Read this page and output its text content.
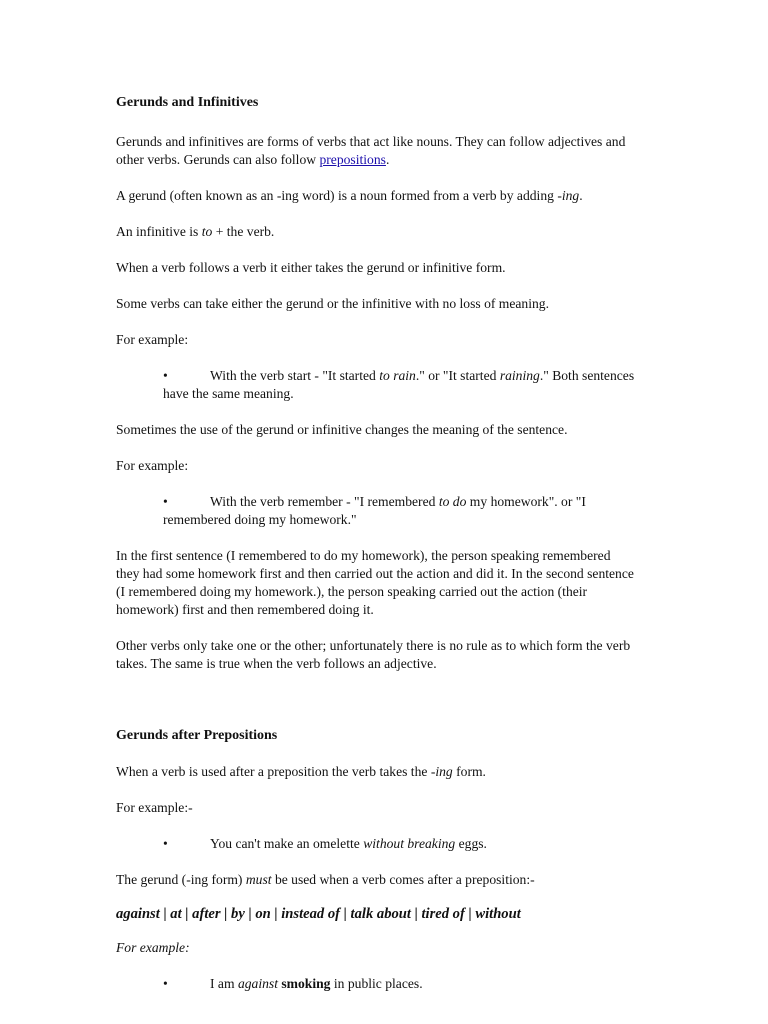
Gerunds and Infinitives

Gerunds and infinitives are forms of verbs that act like nouns. They can follow adjectives and other verbs. Gerunds can also follow prepositions.

A gerund (often known as an -ing word) is a noun formed from a verb by adding -ing.

An infinitive is to + the verb.

When a verb follows a verb it either takes the gerund or infinitive form.

Some verbs can take either the gerund or the infinitive with no loss of meaning.

For example:

•	With the verb start - "It started to rain." or "It started raining." Both sentences have the same meaning.

Sometimes the use of the gerund or infinitive changes the meaning of the sentence.

For example:

•	With the verb remember - "I remembered to do my homework". or "I remembered doing my homework."

In the first sentence (I remembered to do my homework), the person speaking remembered they had some homework first and then carried out the action and did it. In the second sentence (I remembered doing my homework.), the person speaking carried out the action (their homework) first and then remembered doing it.

Other verbs only take one or the other; unfortunately there is no rule as to which form the verb takes. The same is true when the verb follows an adjective.

Gerunds after Prepositions

When a verb is used after a preposition the verb takes the -ing form.

For example:-

•	You can't make an omelette without breaking eggs.

The gerund (-ing form) must be used when a verb comes after a preposition:-

against | at | after | by | on | instead of | talk about | tired of | without

For example:

•	I am against smoking in public places.
